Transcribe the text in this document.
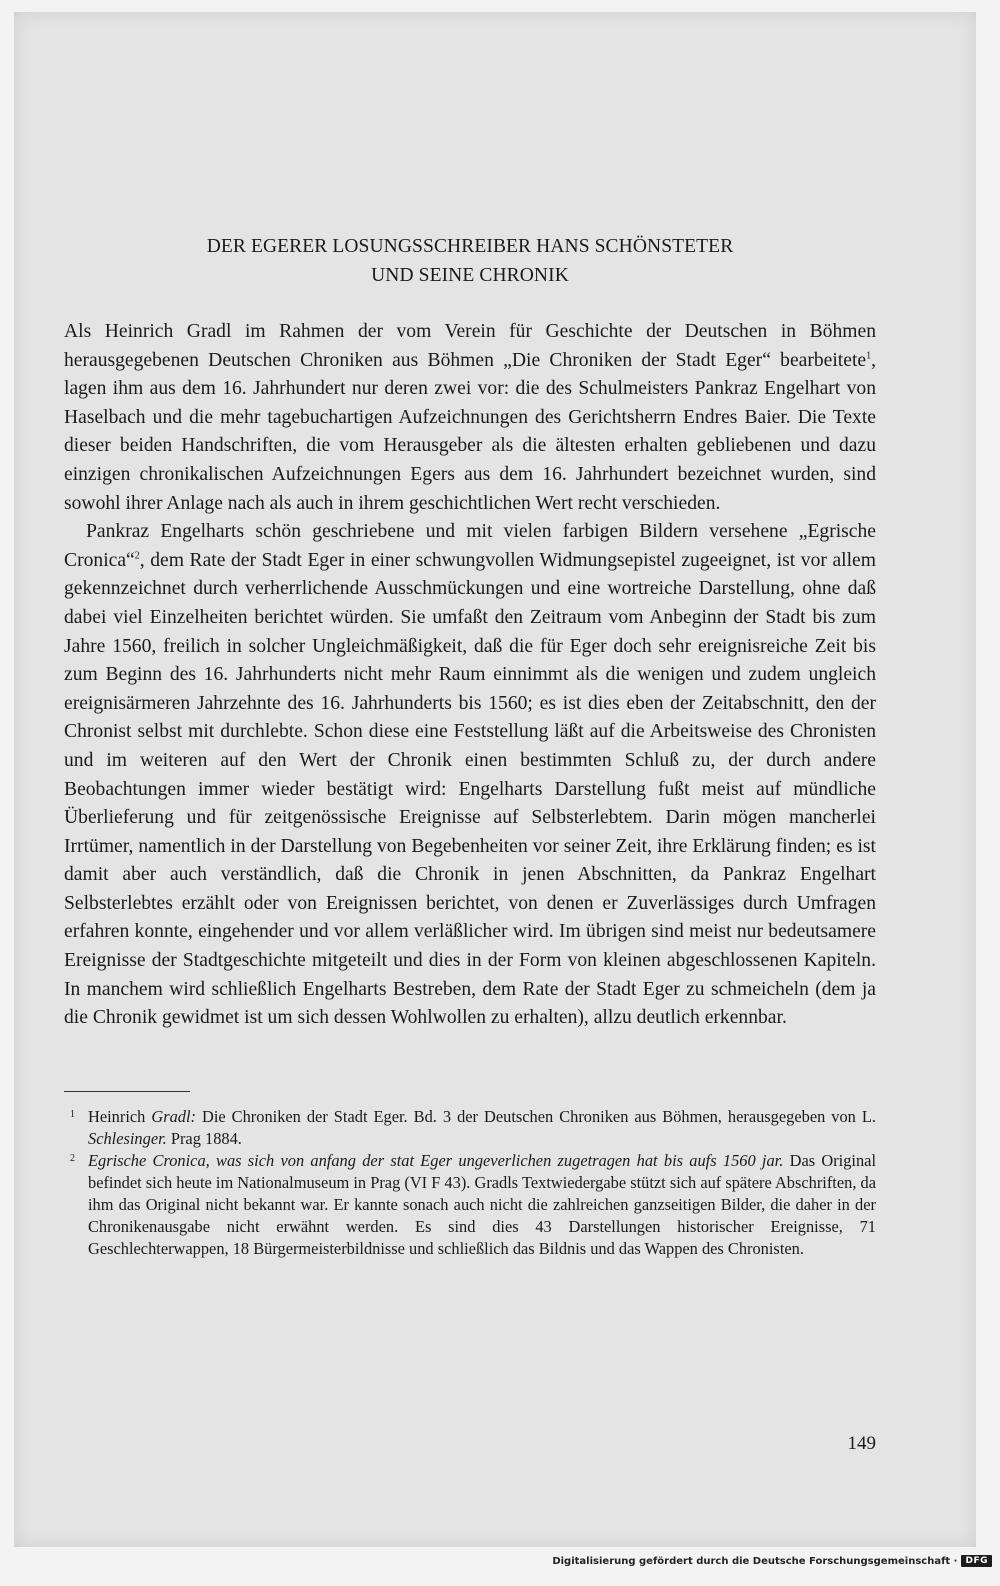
DER EGERER LOSUNGSSCHREIBER HANS SCHÖNSTETER
UND SEINE CHRONIK

Als Heinrich Gradl im Rahmen der vom Verein für Geschichte der Deutschen in Böhmen herausgegebenen Deutschen Chroniken aus Böhmen „Die Chroniken der Stadt Eger“ bearbeitete$^1$, lagen ihm aus dem 16. Jahrhundert nur deren zwei vor: die des Schulmeisters Pankraz Engelhart von Haselbach und die mehr tagebuchartigen Aufzeichnungen des Gerichtsherrn Endres Baier. Die Texte dieser beiden Handschriften, die vom Herausgeber als die ältesten erhalten gebliebenen und dazu einzigen chronikalischen Aufzeichnungen Egers aus dem 16. Jahrhundert bezeichnet wurden, sind sowohl ihrer Anlage nach als auch in ihrem geschichtlichen Wert recht verschieden.

Pankraz Engelharts schön geschriebene und mit vielen farbigen Bildern versehene „Egrische Cronica“$^2$, dem Rate der Stadt Eger in einer schwungvollen Widmungsepistel zugeeignet, ist vor allem gekennzeichnet durch verherrlichende Ausschmückungen und eine wortreiche Darstellung, ohne daß dabei viel Einzelheiten berichtet würden. Sie umfaßt den Zeitraum vom Anbeginn der Stadt bis zum Jahre 1560, freilich in solcher Ungleichmäßigkeit, daß die für Eger doch sehr ereignisreiche Zeit bis zum Beginn des 16. Jahrhunderts nicht mehr Raum einnimmt als die wenigen und zudem ungleich ereignisärmeren Jahrzehnte des 16. Jahrhunderts bis 1560; es ist dies eben der Zeitabschnitt, den der Chronist selbst mit durchlebte. Schon diese eine Feststellung läßt auf die Arbeitsweise des Chronisten und im weiteren auf den Wert der Chronik einen bestimmten Schluß zu, der durch andere Beobachtungen immer wieder bestätigt wird: Engelharts Darstellung fußt meist auf mündliche Überlieferung und für zeitgenössische Ereignisse auf Selbsterlebtem. Darin mögen mancherlei Irrtümer, namentlich in der Darstellung von Begebenheiten vor seiner Zeit, ihre Erklärung finden; es ist damit aber auch verständlich, daß die Chronik in jenen Abschnitten, da Pankraz Engelhart Selbsterlebtes erzählt oder von Ereignissen berichtet, von denen er Zuverlässiges durch Umfragen erfahren konnte, eingehender und vor allem verläßlicher wird. Im übrigen sind meist nur bedeutsamere Ereignisse der Stadtgeschichte mitgeteilt und dies in der Form von kleinen abgeschlossenen Kapiteln. In manchem wird schließlich Engelharts Bestreben, dem Rate der Stadt Eger zu schmeicheln (dem ja die Chronik gewidmet ist um sich dessen Wohlwollen zu erhalten), allzu deutlich erkennbar.

1 Heinrich Gradl: Die Chroniken der Stadt Eger. Bd. 3 der Deutschen Chroniken aus Böhmen, herausgegeben von L. Schlesinger. Prag 1884.
2 Egrische Cronica, was sich von anfang der stat Eger ungeverlichen zugetragen hat bis aufs 1560 jar. Das Original befindet sich heute im Nationalmuseum in Prag (VI F 43). Gradls Textwiedergabe stützt sich auf spätere Abschriften, da ihm das Original nicht bekannt war. Er kannte sonach auch nicht die zahlreichen ganzseitigen Bilder, die daher in der Chronikenausgabe nicht erwähnt werden. Es sind dies 43 Darstellungen historischer Ereignisse, 71 Geschlechterwappen, 18 Bürgermeisterbildnisse und schließlich das Bildnis und das Wappen des Chronisten.
149
Digitalisierung gefördert durch die Deutsche Forschungsgemeinschaft · DFG
